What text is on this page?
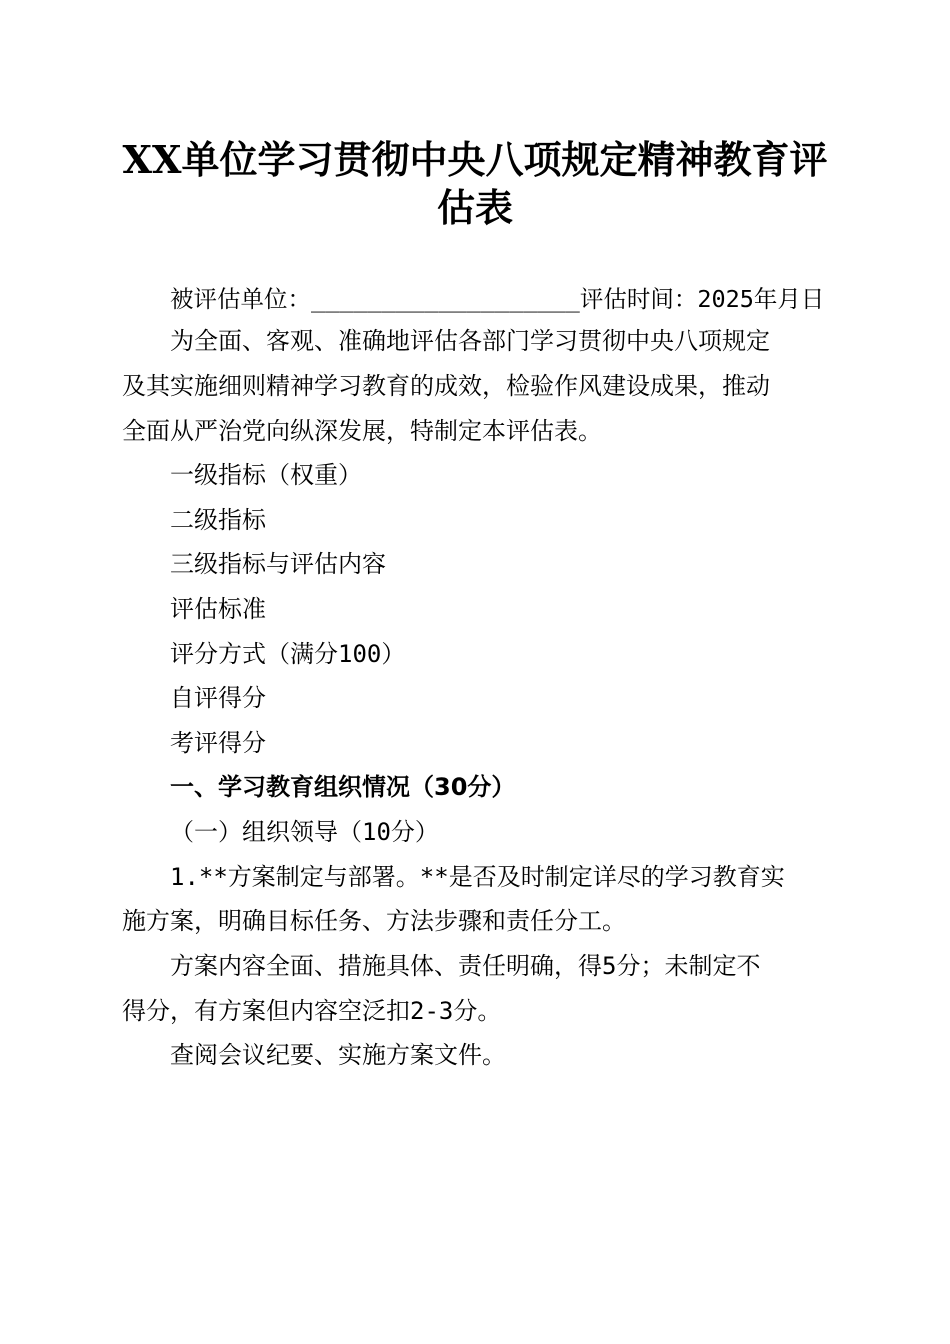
XX单位学习贯彻中央八项规定精神教育评估表
被评估单位：___________________评估时间：2025年月日
为全面、客观、准确地评估各部门学习贯彻中央八项规定
及其实施细则精神学习教育的成效，检验作风建设成果，推动
全面从严治党向纵深发展，特制定本评估表。
一级指标（权重）
二级指标
三级指标与评估内容
评估标准
评分方式（满分100）
自评得分
考评得分
一、学习教育组织情况（30分）
（一）组织领导（10分）
1.**方案制定与部署。**是否及时制定详尽的学习教育实
施方案，明确目标任务、方法步骤和责任分工。
方案内容全面、措施具体、责任明确，得5分；未制定不
得分，有方案但内容空泛扣2-3分。
查阅会议纪要、实施方案文件。
